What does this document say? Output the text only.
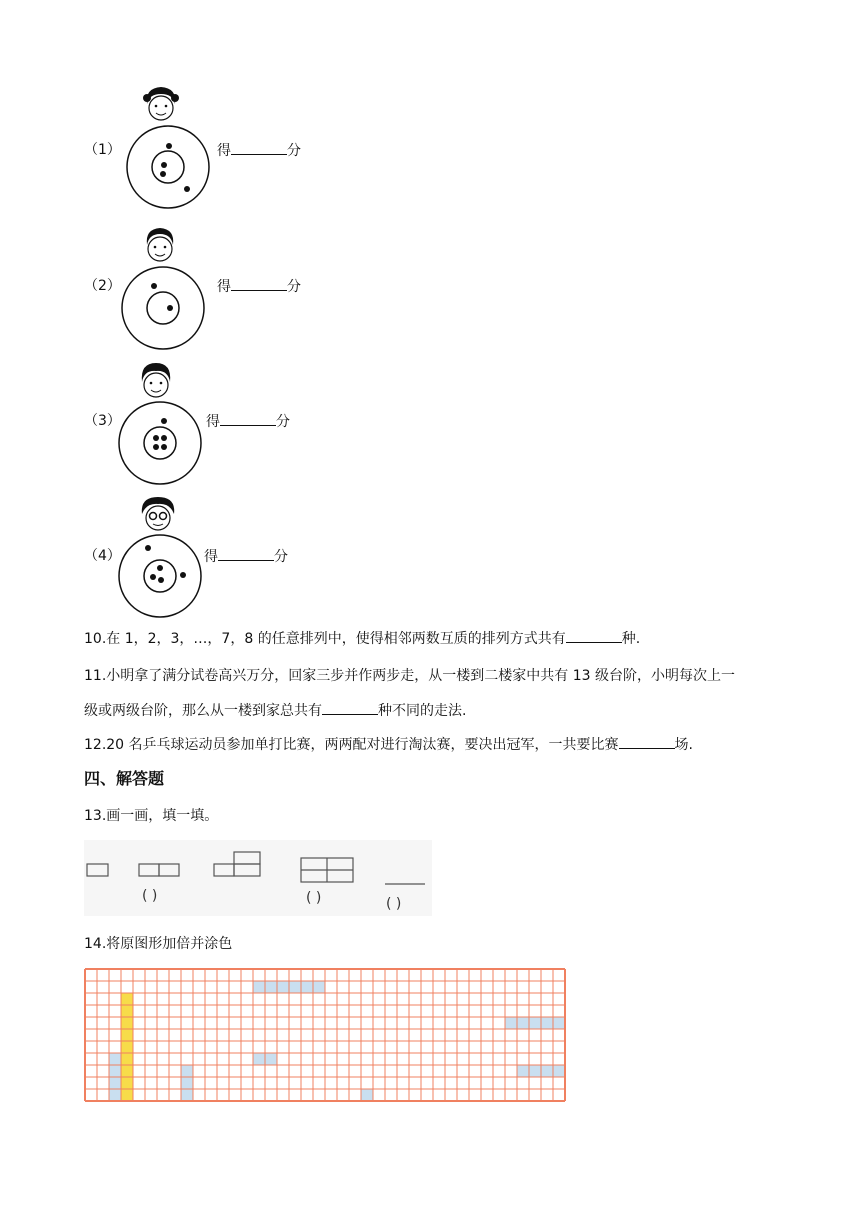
（1）	得	分
（2）	得	分
（3）	得	分
（4）	得	分
10.在 1，2，3，…，7，8 的任意排列中，使得相邻两数互质的排列方式共有	种.
11.小明拿了满分试卷高兴万分，回家三步并作两步走，从一楼到二楼家中共有 13 级台阶，小明每次上一
级或两级台阶，那么从一楼到家总共有	种不同的走法.
12.20 名乒乓球运动员参加单打比赛，两两配对进行淘汰赛，要决出冠军，一共要比赛	场.
四、解答题
13.画一画，填一填。
( )	( )	( )
14.将原图形加倍并涂色
